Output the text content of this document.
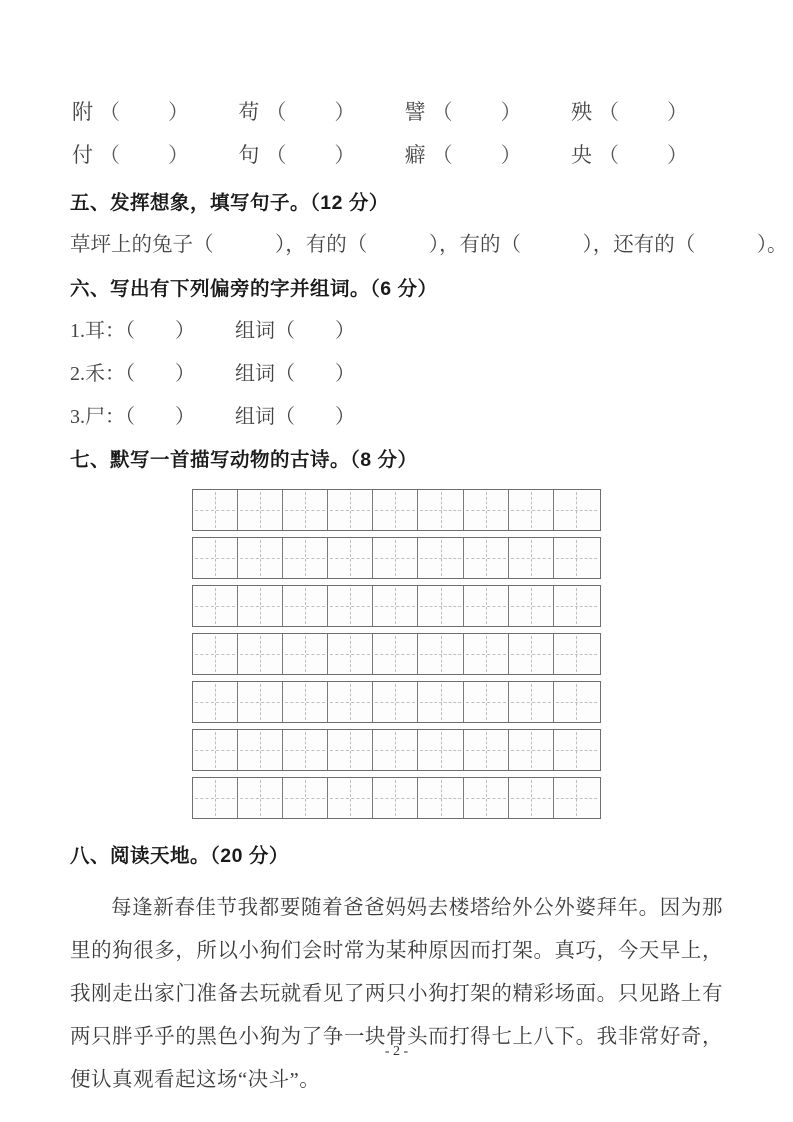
附 （　　） 苟 （　　） 譬 （　　） 殃 （　　）
付 （　　） 句 （　　） 癖 （　　） 央 （　　）
五、发挥想象，填写句子。（12 分）
草坪上的兔子（　　　），有的（　　　），有的（　　　），还有的（　　　）。
六、写出有下列偏旁的字并组词。（6 分）
1.耳：（　　）	组词（　　）
2.禾：（　　）	组词（　　）
3.尸：（　　）	组词（　　）
七、默写一首描写动物的古诗。（8 分）
八、阅读天地。（20 分）
每逢新春佳节我都要随着爸爸妈妈去楼塔给外公外婆拜年。因为那里的狗很多，所以小狗们会时常为某种原因而打架。真巧，今天早上，我刚走出家门准备去玩就看见了两只小狗打架的精彩场面。只见路上有两只胖乎乎的黑色小狗为了争一块骨头而打得七上八下。我非常好奇，便认真观看起这场“决斗”。
- 2 -
